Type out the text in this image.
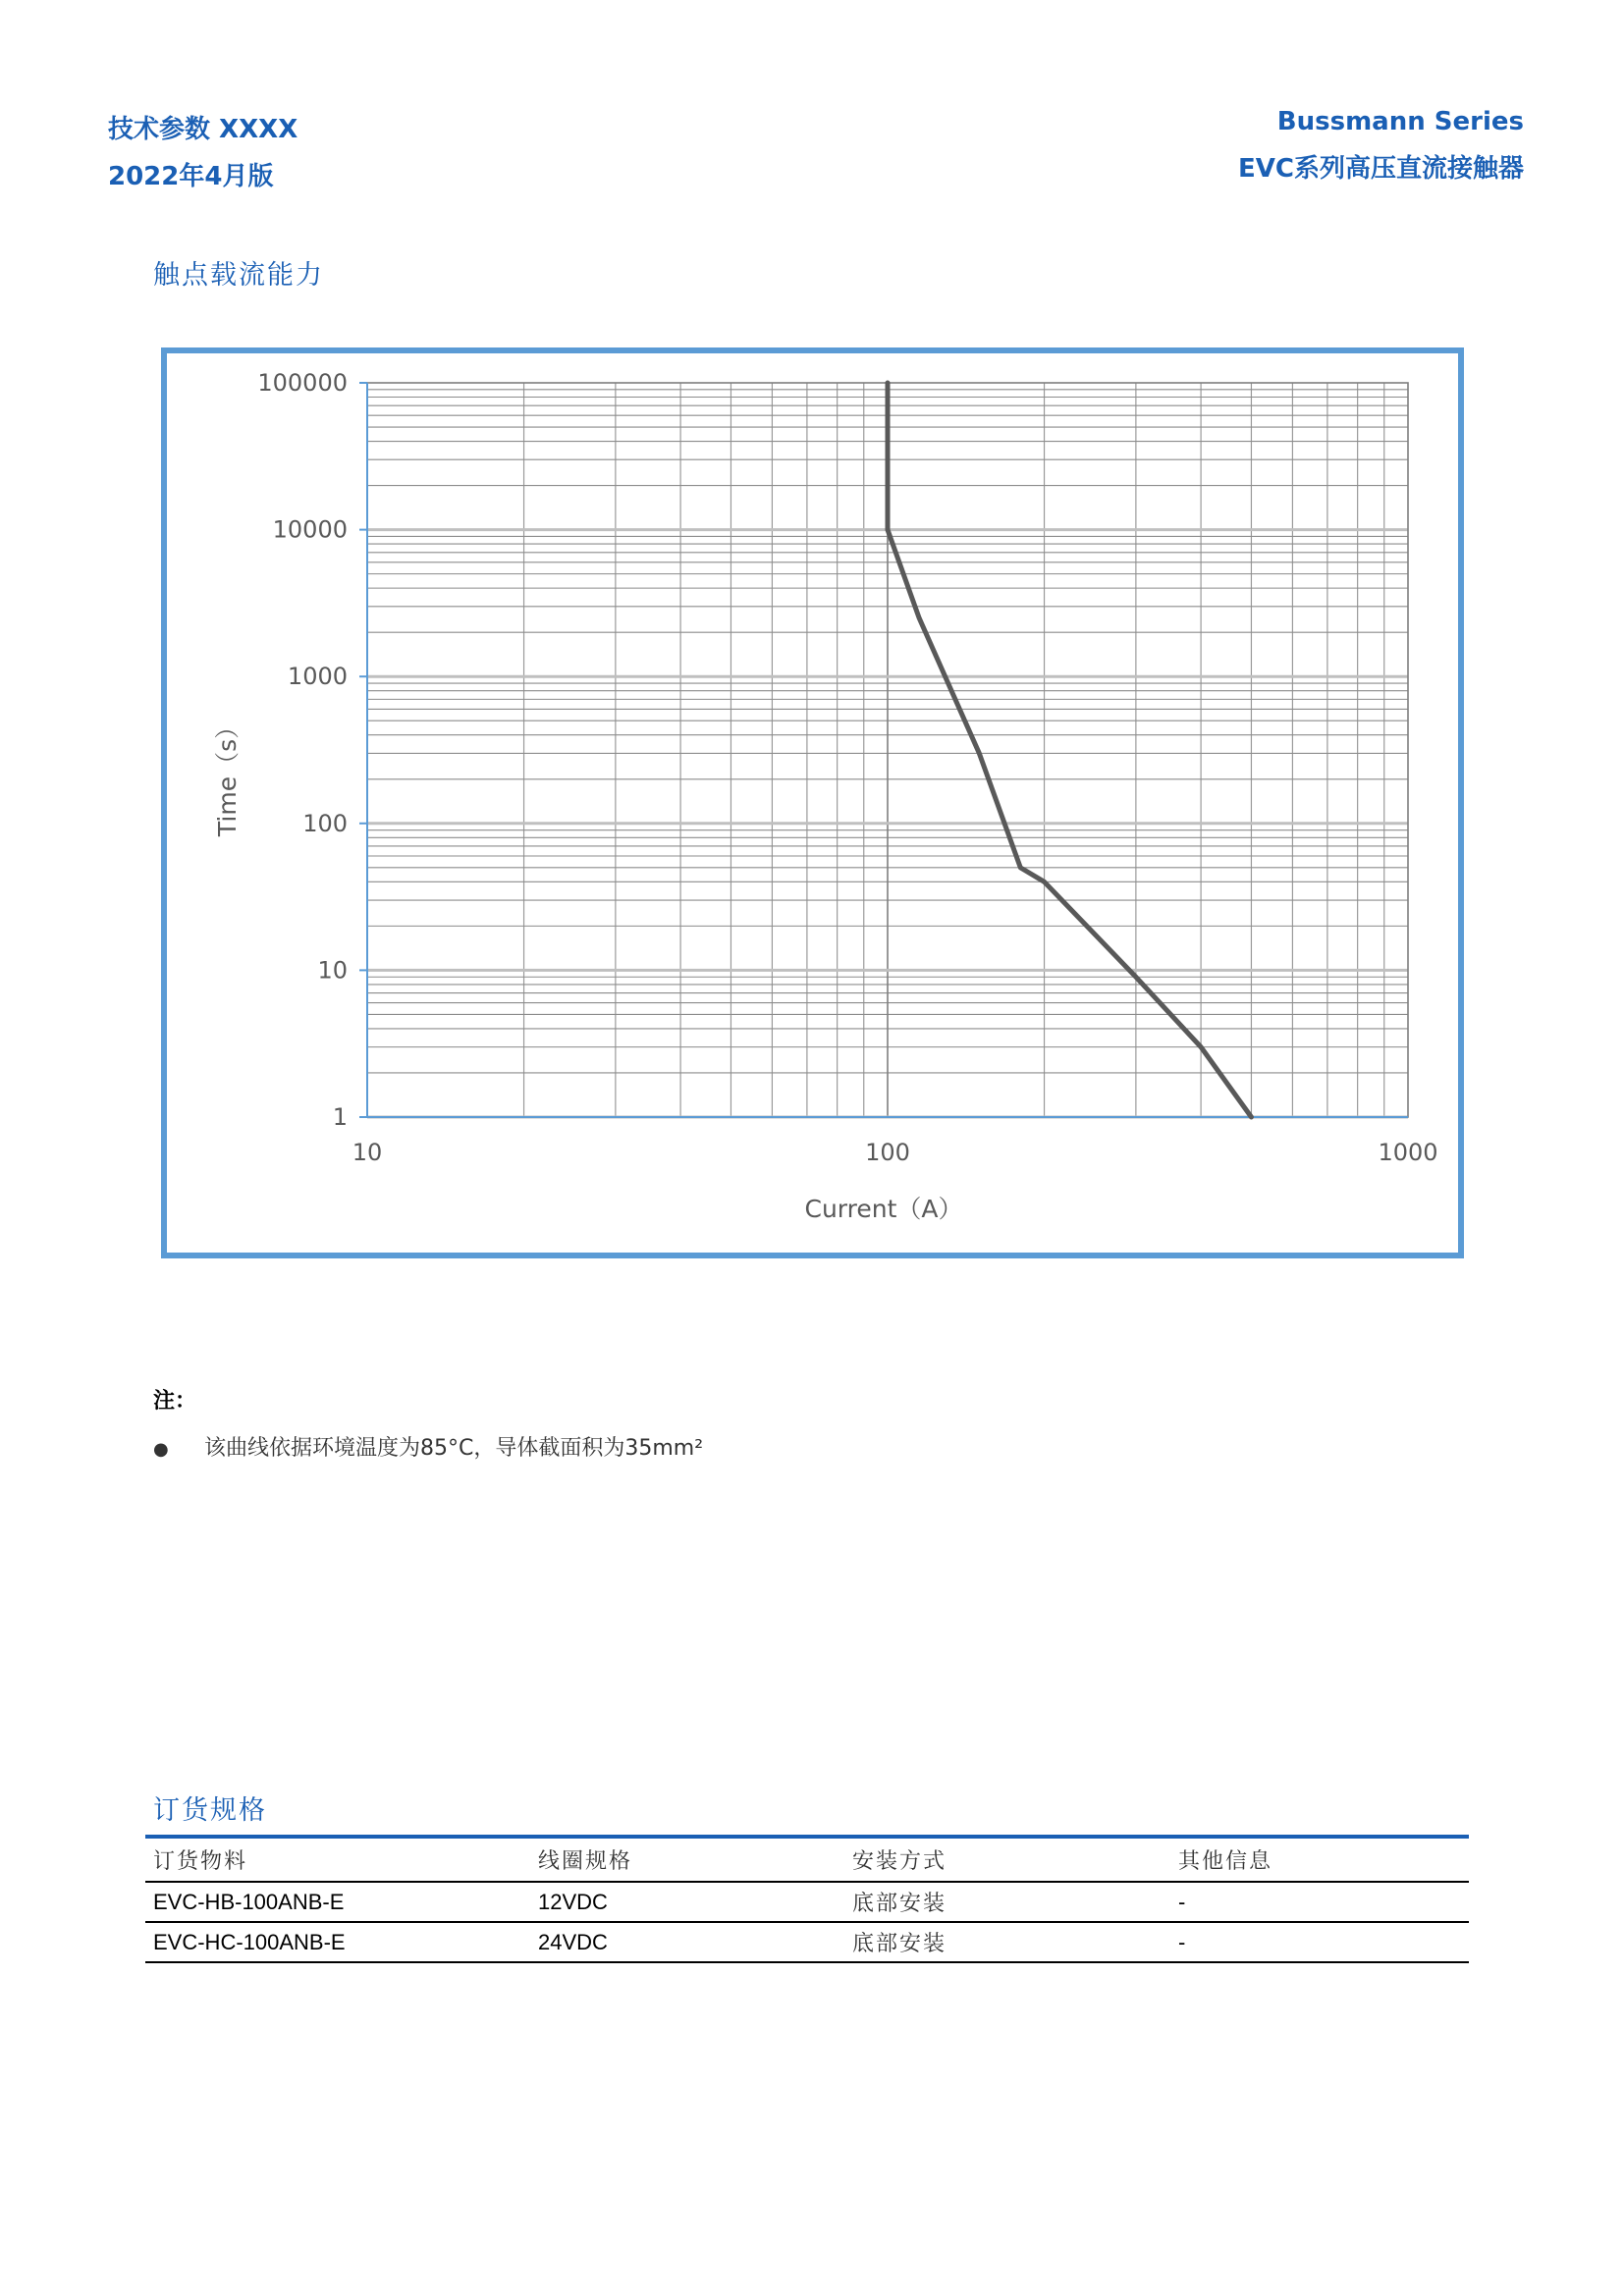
技术参数 XXXX
2022年4月版
Bussmann Series
EVC系列高压直流接触器
触点载流能力
10	100	1000
1
10
100
1000
10000
100000
Current（A）
Time（s）
注：
● 该曲线依据环境温度为85°C，导体截面积为35mm²
订货规格
订货物料	线圈规格	安装方式	其他信息
EVC-HB-100ANB-E	12VDC	底部安装	-
EVC-HC-100ANB-E	24VDC	底部安装	-
